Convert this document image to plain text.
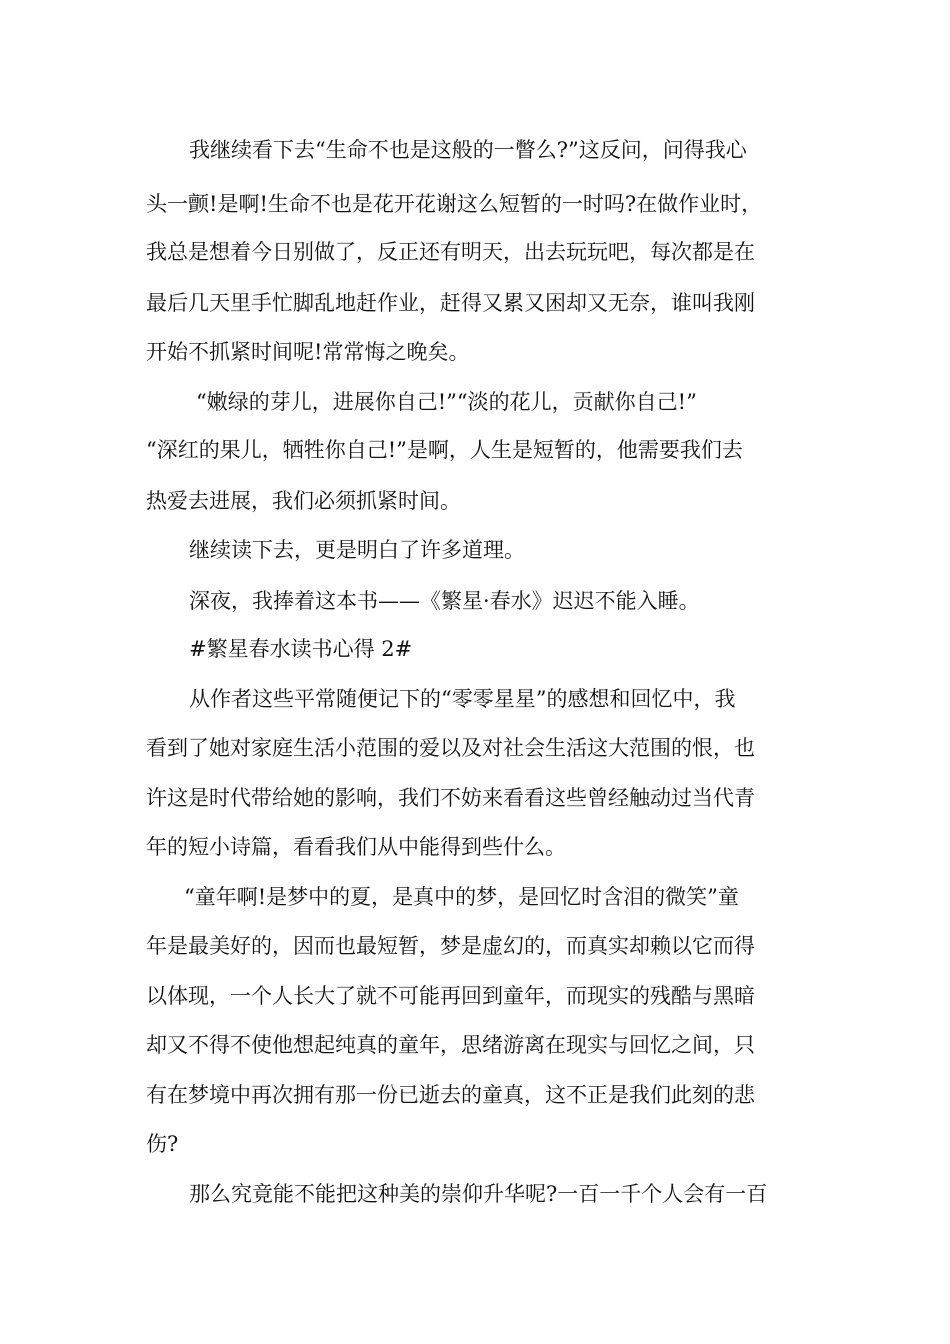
我继续看下去“生命不也是这般的一瞥么?”这反问，问得我心
头一颤!是啊!生命不也是花开花谢这么短暂的一时吗?在做作业时，
我总是想着今日别做了，反正还有明天，出去玩玩吧，每次都是在
最后几天里手忙脚乱地赶作业，赶得又累又困却又无奈，谁叫我刚
开始不抓紧时间呢!常常悔之晚矣。
“嫩绿的芽儿，进展你自己!”“淡的花儿，贡献你自己!”
“深红的果儿，牺牲你自己!”是啊，人生是短暂的，他需要我们去
热爱去进展，我们必须抓紧时间。
继续读下去，更是明白了许多道理。
深夜，我捧着这本书——《繁星·春水》迟迟不能入睡。
#繁星春水读书心得 2#
从作者这些平常随便记下的“零零星星”的感想和回忆中，我
看到了她对家庭生活小范围的爱以及对社会生活这大范围的恨，也
许这是时代带给她的影响，我们不妨来看看这些曾经触动过当代青
年的短小诗篇，看看我们从中能得到些什么。
“童年啊!是梦中的夏，是真中的梦，是回忆时含泪的微笑”童
年是最美好的，因而也最短暂，梦是虚幻的，而真实却赖以它而得
以体现，一个人长大了就不可能再回到童年，而现实的残酷与黑暗
却又不得不使他想起纯真的童年，思绪游离在现实与回忆之间，只
有在梦境中再次拥有那一份已逝去的童真，这不正是我们此刻的悲
伤?
那么究竟能不能把这种美的崇仰升华呢?一百一千个人会有一百
